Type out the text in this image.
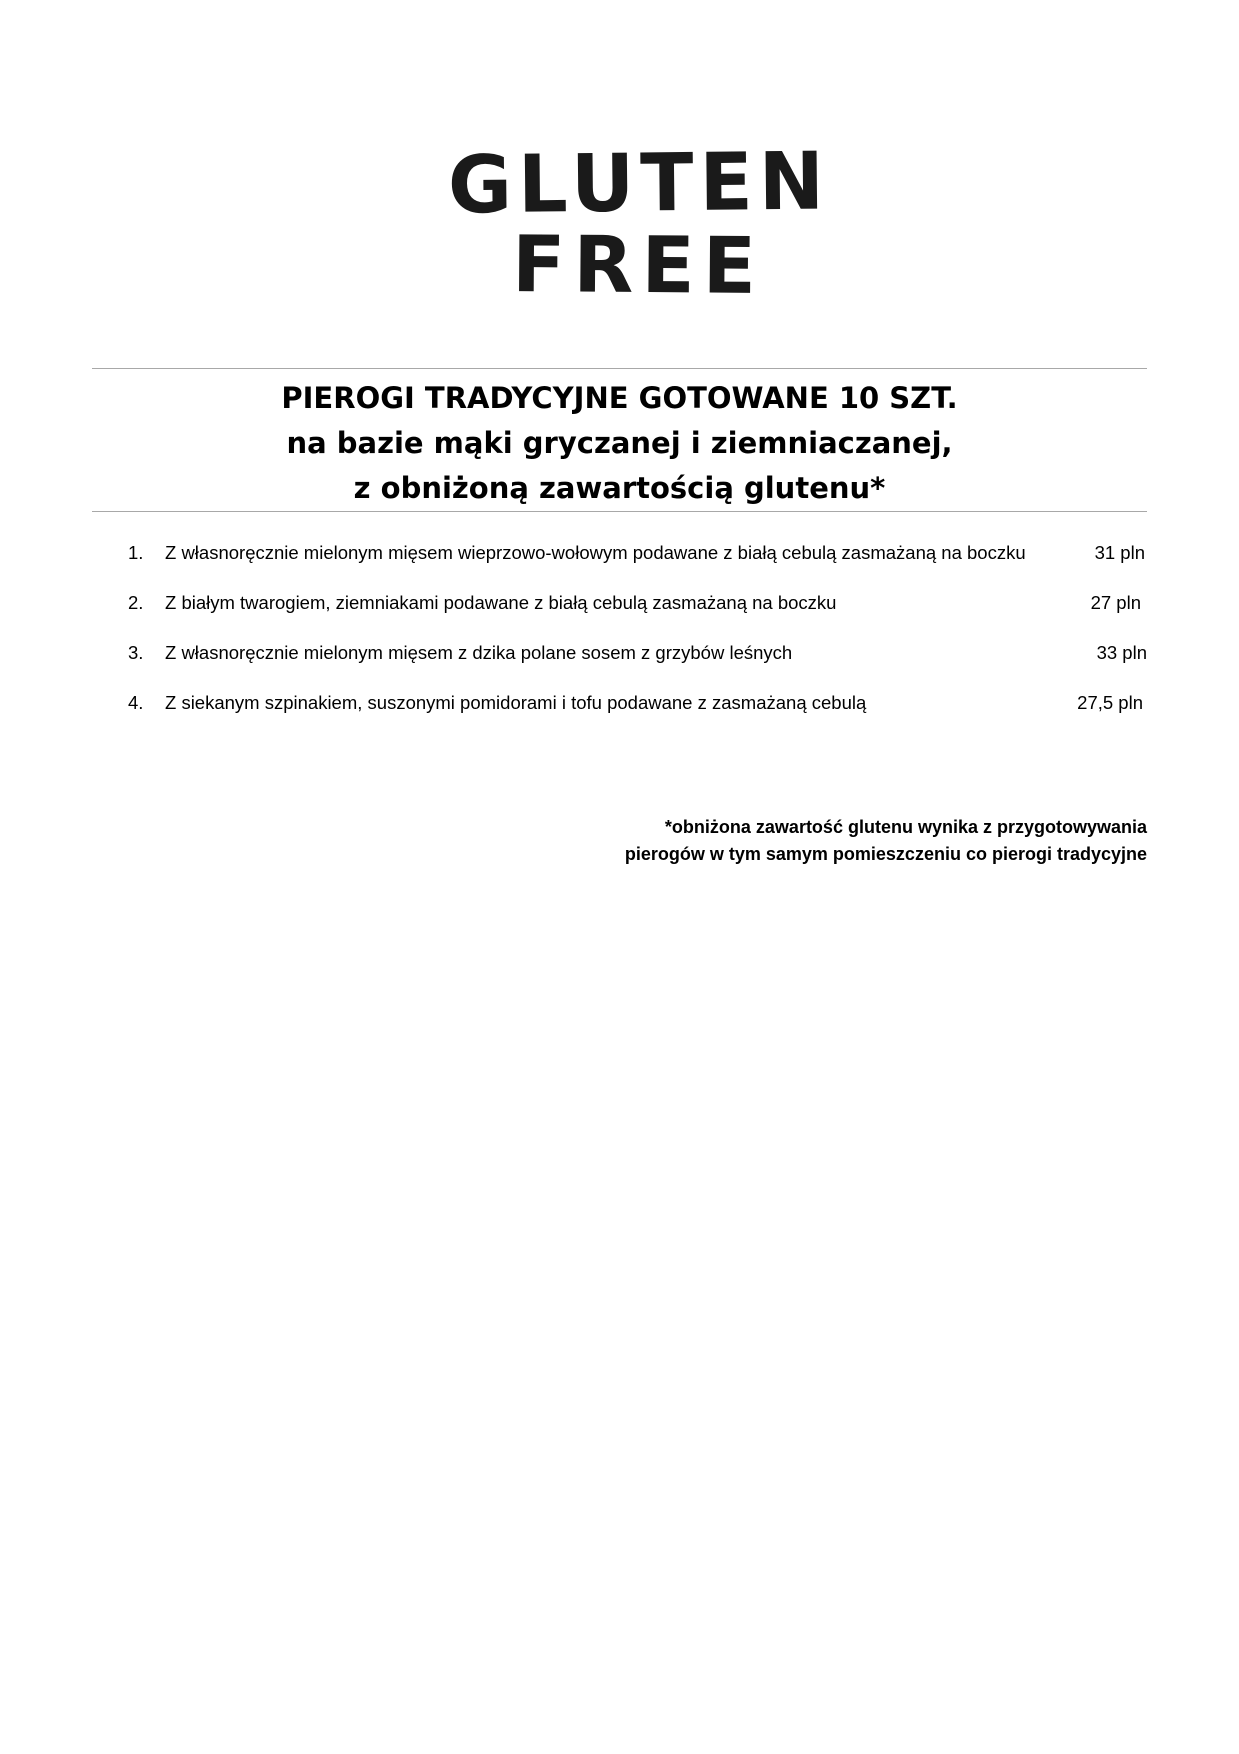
GLUTEN
FREE
PIEROGI TRADYCYJNE GOTOWANE 10 SZT.
na bazie mąki gryczanej i ziemniaczanej,
z obniżoną zawartością glutenu*
1. Z własnoręcznie mielonym mięsem wieprzowo-wołowym podawane z białą cebulą zasmażaną na boczku	31 pln
2. Z białym twarogiem, ziemniakami podawane z białą cebulą zasmażaną na boczku	27 pln
3. Z własnoręcznie mielonym mięsem z dzika polane sosem z grzybów leśnych	33 pln
4. Z siekanym szpinakiem, suszonymi pomidorami i tofu podawane z zasmażaną cebulą	27,5 pln
*obniżona zawartość glutenu wynika z przygotowywania
pierogów w tym samym pomieszczeniu co pierogi tradycyjne
